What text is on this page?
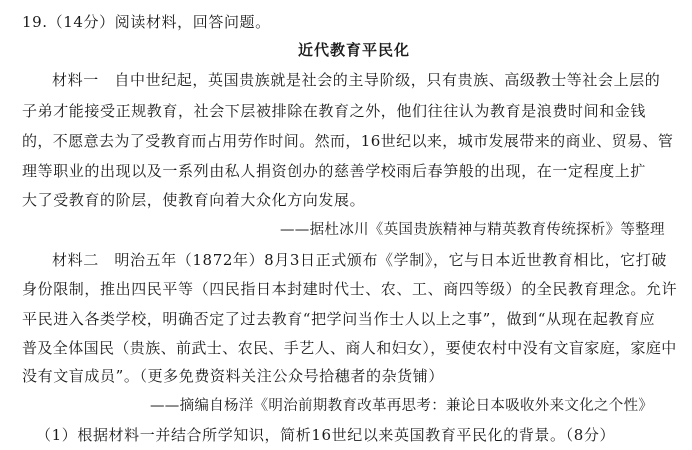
19.（14分）阅读材料，回答问题。
近代教育平民化
材料一　自中世纪起，英国贵族就是社会的主导阶级，只有贵族、高级教士等社会上层的
子弟才能接受正规教育，社会下层被排除在教育之外，他们往往认为教育是浪费时间和金钱
的，不愿意去为了受教育而占用劳作时间。然而，16世纪以来，城市发展带来的商业、贸易、管
理等职业的出现以及一系列由私人捐资创办的慈善学校雨后春笋般的出现，在一定程度上扩
大了受教育的阶层，使教育向着大众化方向发展。
——据杜冰川《英国贵族精神与精英教育传统探析》等整理
材料二　明治五年（1872年）8月3日正式颁布《学制》，它与日本近世教育相比，它打破
身份限制，推出四民平等（四民指日本封建时代士、农、工、商四等级）的全民教育理念。允许
平民进入各类学校，明确否定了过去教育“把学问当作士人以上之事”，做到“从现在起教育应
普及全体国民（贵族、前武士、农民、手艺人、商人和妇女），要使农村中没有文盲家庭，家庭中
没有文盲成员”。（更多免费资料关注公众号拾穗者的杂货铺）
——摘编自杨洋《明治前期教育改革再思考：兼论日本吸收外来文化之个性》
（1）根据材料一并结合所学知识，简析16世纪以来英国教育平民化的背景。（8分）
